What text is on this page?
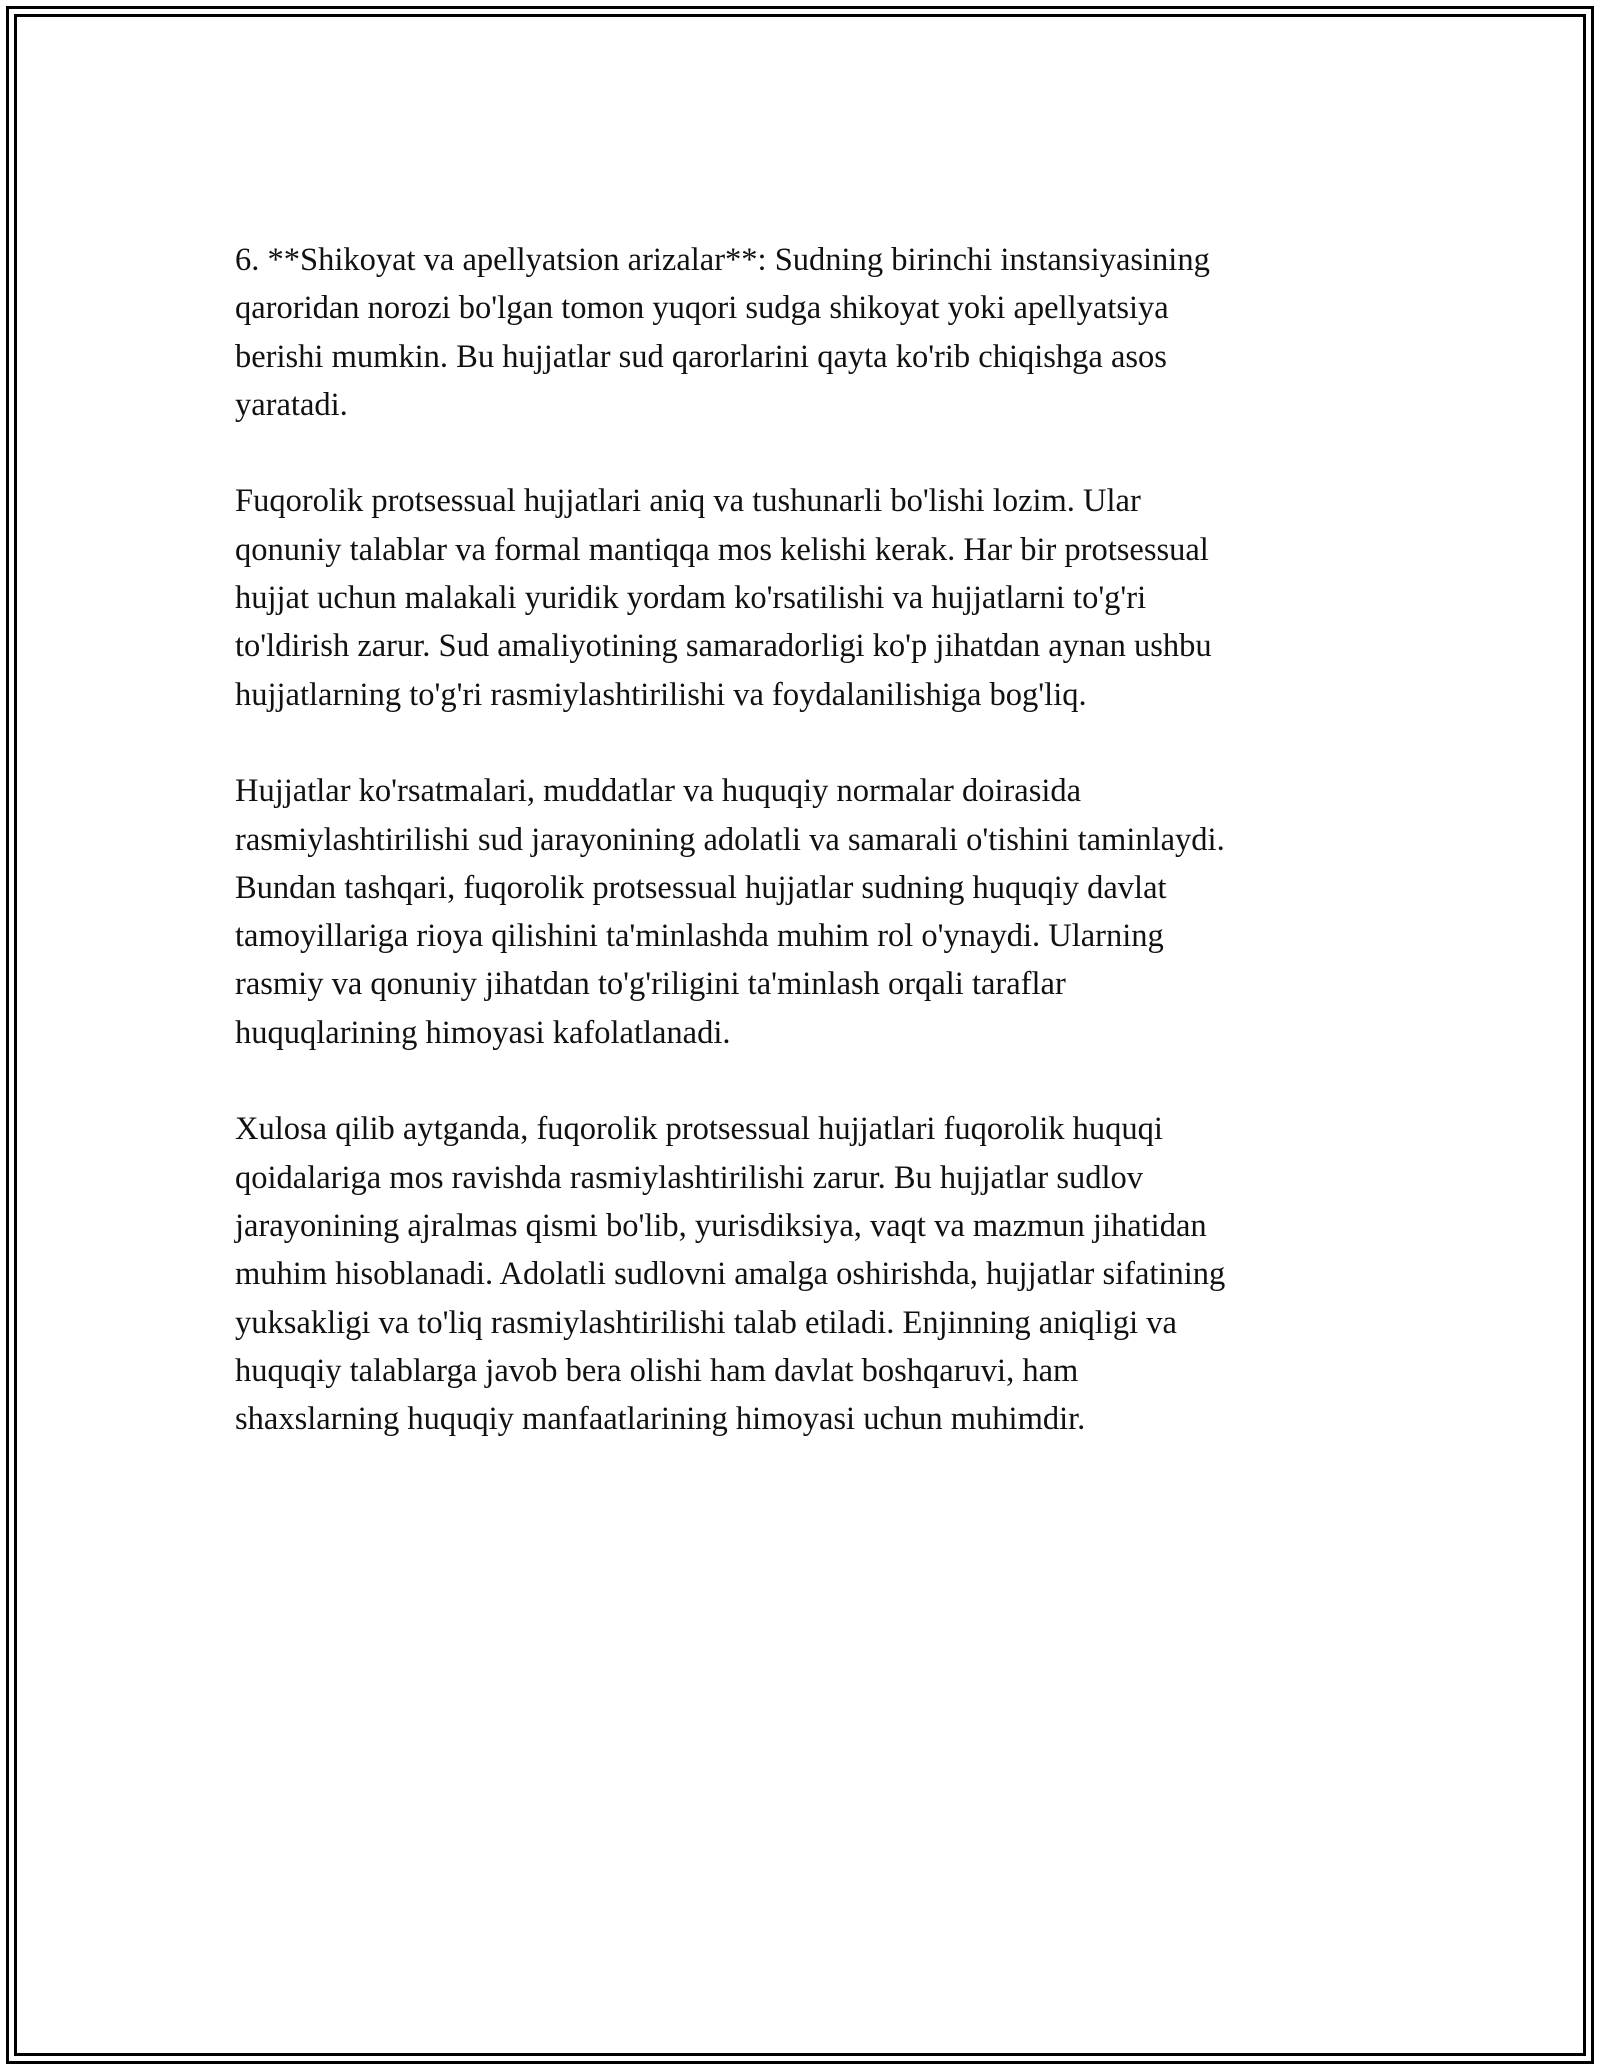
6. **Shikoyat va apellyatsion arizalar**: Sudning birinchi instansiyasining
qaroridan norozi bo'lgan tomon yuqori sudga shikoyat yoki apellyatsiya
berishi mumkin. Bu hujjatlar sud qarorlarini qayta ko'rib chiqishga asos
yaratadi.

Fuqorolik protsessual hujjatlari aniq va tushunarli bo'lishi lozim. Ular
qonuniy talablar va formal mantiqqa mos kelishi kerak. Har bir protsessual
hujjat uchun malakali yuridik yordam ko'rsatilishi va hujjatlarni to'g'ri
to'ldirish zarur. Sud amaliyotining samaradorligi ko'p jihatdan aynan ushbu
hujjatlarning to'g'ri rasmiylashtirilishi va foydalanilishiga bog'liq.

Hujjatlar ko'rsatmalari, muddatlar va huquqiy normalar doirasida
rasmiylashtirilishi sud jarayonining adolatli va samarali o'tishini taminlaydi.
Bundan tashqari, fuqorolik protsessual hujjatlar sudning huquqiy davlat
tamoyillariga rioya qilishini ta'minlashda muhim rol o'ynaydi. Ularning
rasmiy va qonuniy jihatdan to'g'riligini ta'minlash orqali taraflar
huquqlarining himoyasi kafolatlanadi.

Xulosa qilib aytganda, fuqorolik protsessual hujjatlari fuqorolik huquqi
qoidalariga mos ravishda rasmiylashtirilishi zarur. Bu hujjatlar sudlov
jarayonining ajralmas qismi bo'lib, yurisdiksiya, vaqt va mazmun jihatidan
muhim hisoblanadi. Adolatli sudlovni amalga oshirishda, hujjatlar sifatining
yuksakligi va to'liq rasmiylashtirilishi talab etiladi. Enjinning aniqligi va
huquqiy talablarga javob bera olishi ham davlat boshqaruvi, ham
shaxslarning huquqiy manfaatlarining himoyasi uchun muhimdir.
